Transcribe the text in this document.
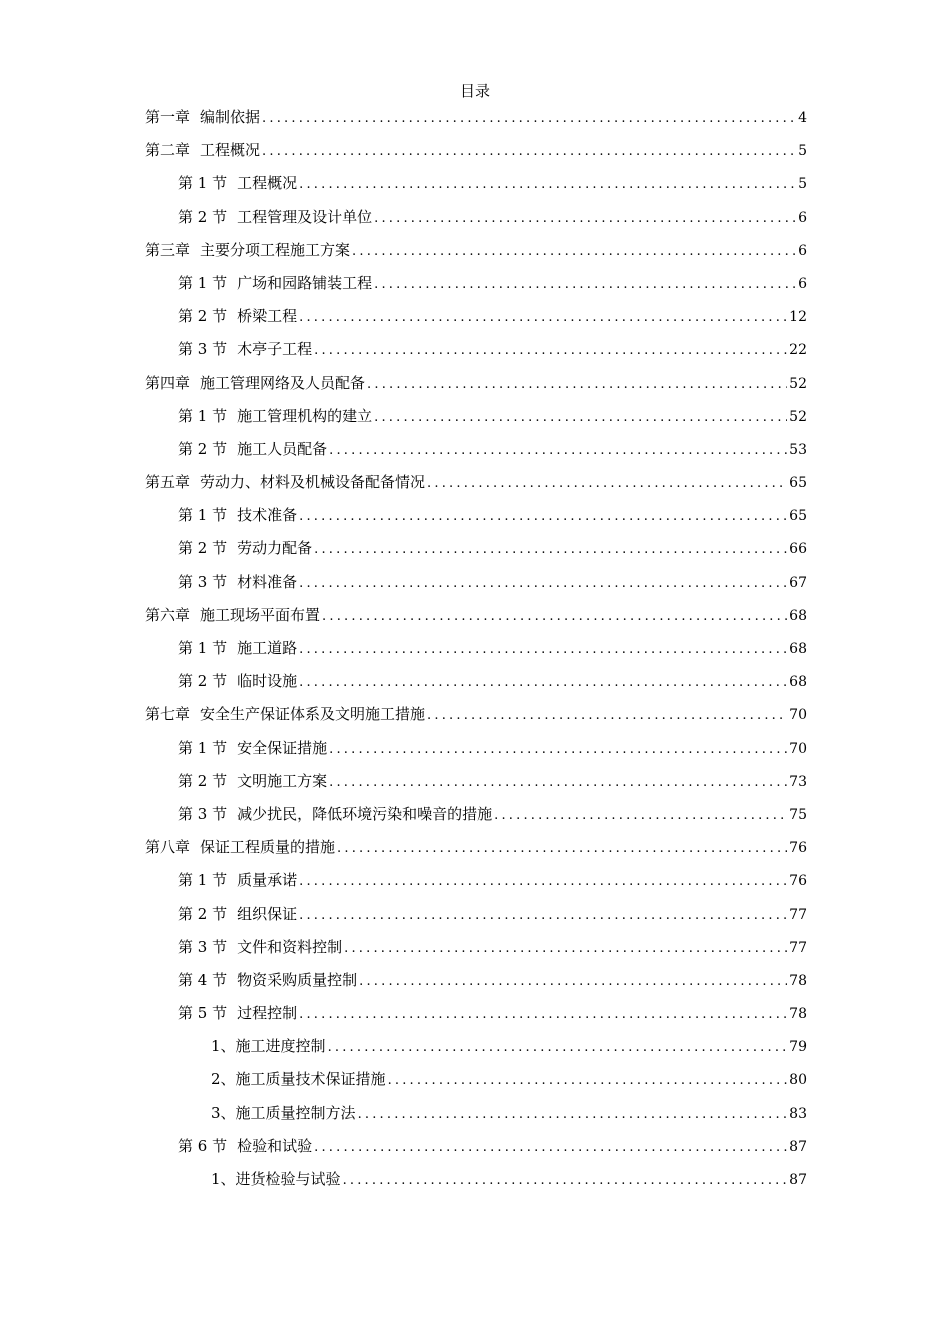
目录
第一章 编制依据 .....	4
第二章 工程概况 .....	5
第 1 节 工程概况 .....	5
第 2 节 工程管理及设计单位 .....	6
第三章 主要分项工程施工方案 .....	6
第 1 节 广场和园路铺装工程 .....	6
第 2 节 桥梁工程 .....	12
第 3 节 木亭子工程 .....	22
第四章 施工管理网络及人员配备 .....	52
第 1 节 施工管理机构的建立 .....	52
第 2 节 施工人员配备 .....	53
第五章 劳动力、材料及机械设备配备情况 .....	65
第 1 节 技术准备 .....	65
第 2 节 劳动力配备 .....	66
第 3 节 材料准备 .....	67
第六章 施工现场平面布置 .....	68
第 1 节 施工道路 .....	68
第 2 节 临时设施 .....	68
第七章 安全生产保证体系及文明施工措施 .....	70
第 1 节 安全保证措施 .....	70
第 2 节 文明施工方案 .....	73
第 3 节 减少扰民，降低环境污染和噪音的措施 .....	75
第八章 保证工程质量的措施 .....	76
第 1 节 质量承诺 .....	76
第 2 节 组织保证 .....	77
第 3 节 文件和资料控制 .....	77
第 4 节 物资采购质量控制 .....	78
第 5 节 过程控制 .....	78
1、 施工进度控制 .....	79
2、 施工质量技术保证措施 .....	80
3、 施工质量控制方法 .....	83
第 6 节 检验和试验 .....	87
1、 进货检验与试验 .....	87
